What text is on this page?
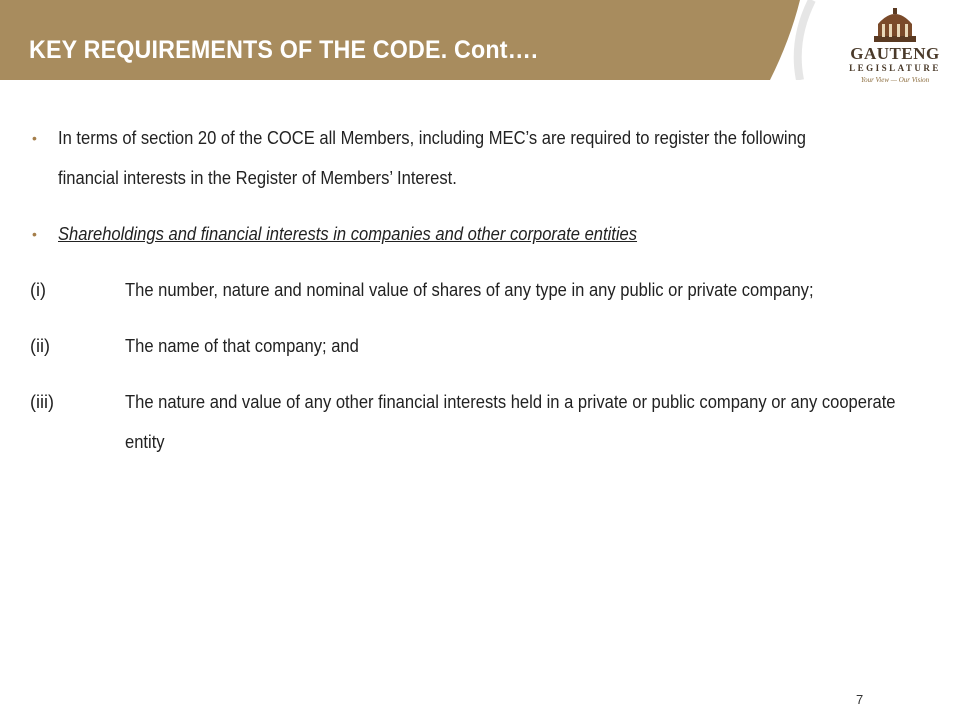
KEY REQUIREMENTS OF THE CODE. Cont….	GAUTENG
LEGISLATURE
Your View — Our Vision
• In terms of section 20 of the COCE all Members, including MEC’s are required to register the following financial interests in the Register of Members’ Interest.
• Shareholdings and financial interests in companies and other corporate entities
(i)	The number, nature and nominal value of shares of any type in any public or private company;
(ii)	The name of that company; and
(iii)	The nature and value of any other financial interests held in a private or public company or any cooperate entity
7
